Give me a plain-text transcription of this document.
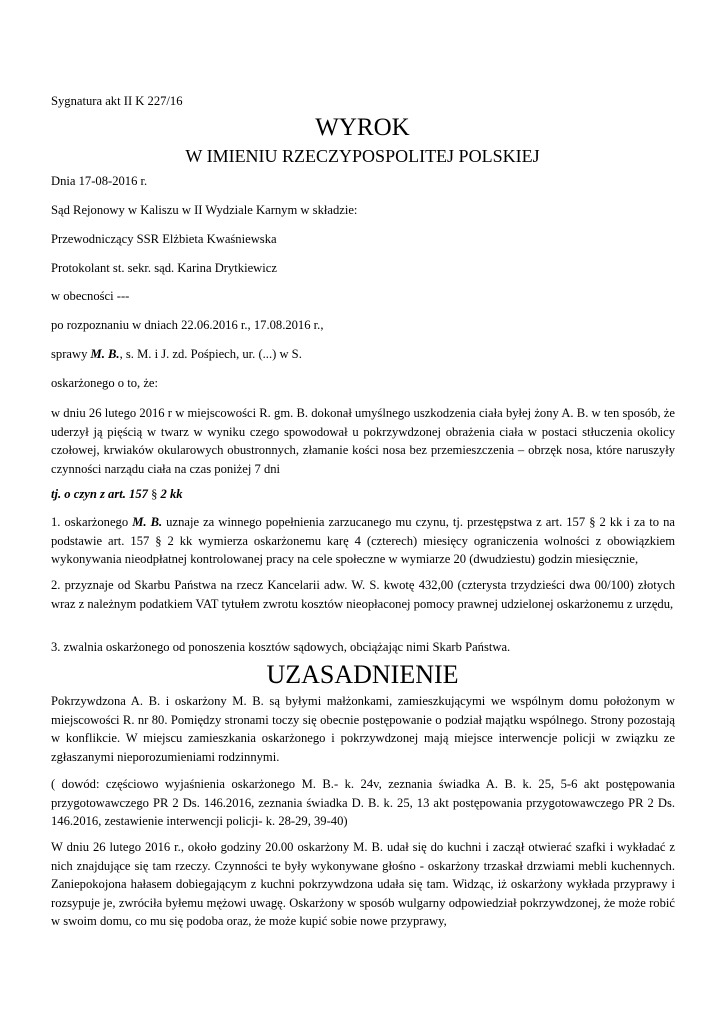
Sygnatura akt II K 227/16
WYROK
W IMIENIU RZECZYPOSPOLITEJ POLSKIEJ
Dnia 17-08-2016 r.
Sąd Rejonowy w Kaliszu w II Wydziale Karnym w składzie:
Przewodniczący SSR Elżbieta Kwaśniewska
Protokolant st. sekr. sąd. Karina Drytkiewicz
w obecności ---
po rozpoznaniu w dniach 22.06.2016 r., 17.08.2016 r.,
sprawy M. B., s. M. i J. zd. Pośpiech, ur. (...) w S.
oskarżonego o to, że:
w dniu 26 lutego 2016 r w miejscowości R. gm. B. dokonał umyślnego uszkodzenia ciała byłej żony A. B. w ten sposób, że uderzył ją pięścią w twarz w wyniku czego spowodował u pokrzywdzonej obrażenia ciała w postaci stłuczenia okolicy czołowej, krwiaków okularowych obustronnych, złamanie kości nosa bez przemieszczenia – obrzęk nosa, które naruszyły czynności narządu ciała na czas poniżej 7 dni
tj. o czyn z art. 157 § 2 kk
1. oskarżonego M. B. uznaje za winnego popełnienia zarzucanego mu czynu, tj. przestępstwa z art. 157 § 2 kk i za to na podstawie art. 157 § 2 kk wymierza oskarżonemu karę 4 (czterech) miesięcy ograniczenia wolności z obowiązkiem wykonywania nieodpłatnej kontrolowanej pracy na cele społeczne w wymiarze 20 (dwudziestu) godzin miesięcznie,
2. przyznaje od Skarbu Państwa na rzecz Kancelarii adw. W. S. kwotę 432,00 (czterysta trzydzieści dwa 00/100) złotych wraz z należnym podatkiem VAT tytułem zwrotu kosztów nieopłaconej pomocy prawnej udzielonej oskarżonemu z urzędu,
3. zwalnia oskarżonego od ponoszenia kosztów sądowych, obciążając nimi Skarb Państwa.
UZASADNIENIE
Pokrzywdzona A. B. i oskarżony M. B. są byłymi małżonkami, zamieszkującymi we wspólnym domu położonym w miejscowości R. nr 80. Pomiędzy stronami toczy się obecnie postępowanie o podział majątku wspólnego. Strony pozostają w konflikcie. W miejscu zamieszkania oskarżonego i pokrzywdzonej mają miejsce interwencje policji w związku ze zgłaszanymi nieporozumieniami rodzinnymi.
( dowód: częściowo wyjaśnienia oskarżonego M. B.- k. 24v, zeznania świadka A. B. k. 25, 5-6 akt postępowania przygotowawczego PR 2 Ds. 146.2016, zeznania świadka D. B. k. 25, 13 akt postępowania przygotowawczego PR 2 Ds. 146.2016, zestawienie interwencji policji- k. 28-29, 39-40)
W dniu 26 lutego 2016 r., około godziny 20.00 oskarżony M. B. udał się do kuchni i zaczął otwierać szafki i wykładać z nich znajdujące się tam rzeczy. Czynności te były wykonywane głośno - oskarżony trzaskał drzwiami mebli kuchennych. Zaniepokojona hałasem dobiegającym z kuchni pokrzywdzona udała się tam. Widząc, iż oskarżony wykłada przyprawy i rozsypuje je, zwróciła byłemu mężowi uwagę. Oskarżony w sposób wulgarny odpowiedział pokrzywdzonej, że może robić w swoim domu, co mu się podoba oraz, że może kupić sobie nowe przyprawy,
